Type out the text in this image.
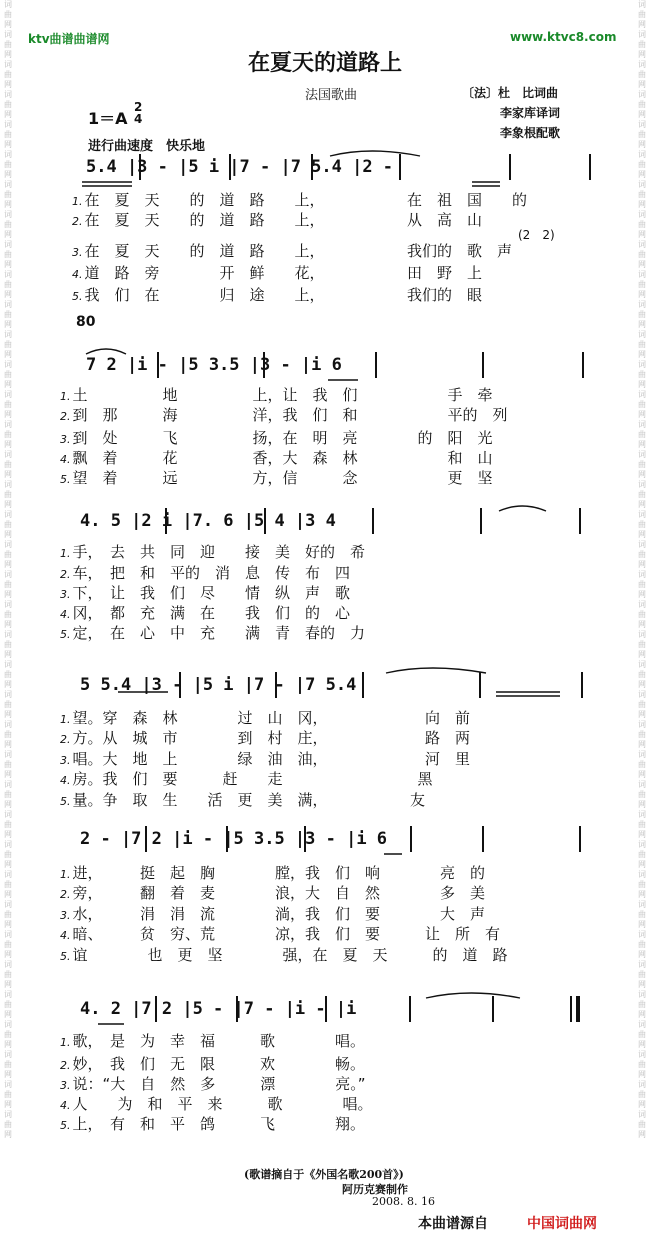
词曲网词曲网词曲网词曲网词曲网词曲网词曲网词曲网词曲网词曲网词曲网词曲网词曲网词曲网词曲网词曲网词曲网词曲网词曲网词曲网词曲网词曲网词曲网词曲网词曲网词曲网词曲网词曲网词曲网词曲网词曲网词曲网词曲网词曲网词曲网词曲网词曲网词曲网
词曲网词曲网词曲网词曲网词曲网词曲网词曲网词曲网词曲网词曲网词曲网词曲网词曲网词曲网词曲网词曲网词曲网词曲网词曲网词曲网词曲网词曲网词曲网词曲网词曲网词曲网词曲网词曲网词曲网词曲网词曲网词曲网词曲网词曲网词曲网词曲网词曲网词曲网
ktv曲谱曲谱网	www.ktvc8.com
在夏天的道路上
法国歌曲	〔法〕杜　比词曲
李家库译词
李象根配歌
1＝A
2
4
进行曲速度　快乐地
5.4 |3 - |5 i |7 - |7 5.4 |2 -
1. 在　夏　天　　的　道　路　　上，　　　　　　在　祖　国　　的
2. 在　夏　天　　的　道　路　　上，　　　　　　从　高　山
(2　2)
3. 在　夏　天　　的　道　路　　上，　　　　　　我们的　歌　声
4. 道　路　旁　　　　开　鲜　　花，　　　　　　田　野　上
5. 我　们　在　　　　归　途　　上，　　　　　　我们的　眼
80
7 2 |i - |5 3.5 |3 - |i 6
1. 土　　　　　地　　　　　上，让　我　们　　　　　　手　牵
2. 到　那　　　海　　　　　洋，我　们　和　　　　　　平的　列
3. 到　处　　　飞　　　　　扬，在　明　亮　　　　的　阳　光
4. 飘　着　　　花　　　　　香，大　森　林　　　　　　和　山
5. 望　着　　　远　　　　　方，信　　　念　　　　　　更　坚
4. 5 |2 i |7. 6 |5 4 |3 4
1. 手，　去　共　同　迎　　接　美　好的　希
2. 车，　把　和　平的　消　息　传　布　四
3. 下，　让　我　们　尽　　情　纵　声　歌
4. 冈，　都　充　满　在　　我　们　的　心
5. 定，　在　心　中　充　　满　青　春的　力
5 5.4 |3 - |5 i |7 - |7 5.4
1. 望。穿　森　林　　　　过　山　冈，　　　　　　　向　前
2. 方。从　城　市　　　　到　村　庄，　　　　　　　路　两
3. 唱。大　地　上　　　　绿　油　油，　　　　　　　河　里
4. 房。我　们　要　　　赶　　走　　　　　　　　　黑
5. 量。争　取　生　　活　更　美　满，　　　　　　友
2 - |7 2 |i - |5 3.5 |3 - |i 6
1. 进，　　　挺　起　胸　　　　膛，我　们　响　　　　亮　的
2. 旁，　　　翻　着　麦　　　　浪，大　自　然　　　　多　美
3. 水，　　　涓　涓　流　　　　淌，我　们　要　　　　大　声
4. 暗、　　　贫　穷、荒　　　　凉，我　们　要　　　让　所　有
5. 谊　　　　也　更　坚　　　　强，在　夏　天　　　的　道　路
4. 2 |7 2 |5 - |7 - |i - |i
1. 歌，　是　为　幸　福　　　歌　　　　唱。
2. 妙，　我　们　无　限　　　欢　　　　畅。
3. 说：“大　自　然　多　　　漂　　　　亮。”
4. 人　　为　和　平　来　　　歌　　　　唱。
5. 上，　有　和　平　鸽　　　飞　　　　翔。
(歌谱摘自于《外国名歌200首》)
阿历克赛制作
2008. 8. 16
本曲谱源自	中国词曲网
